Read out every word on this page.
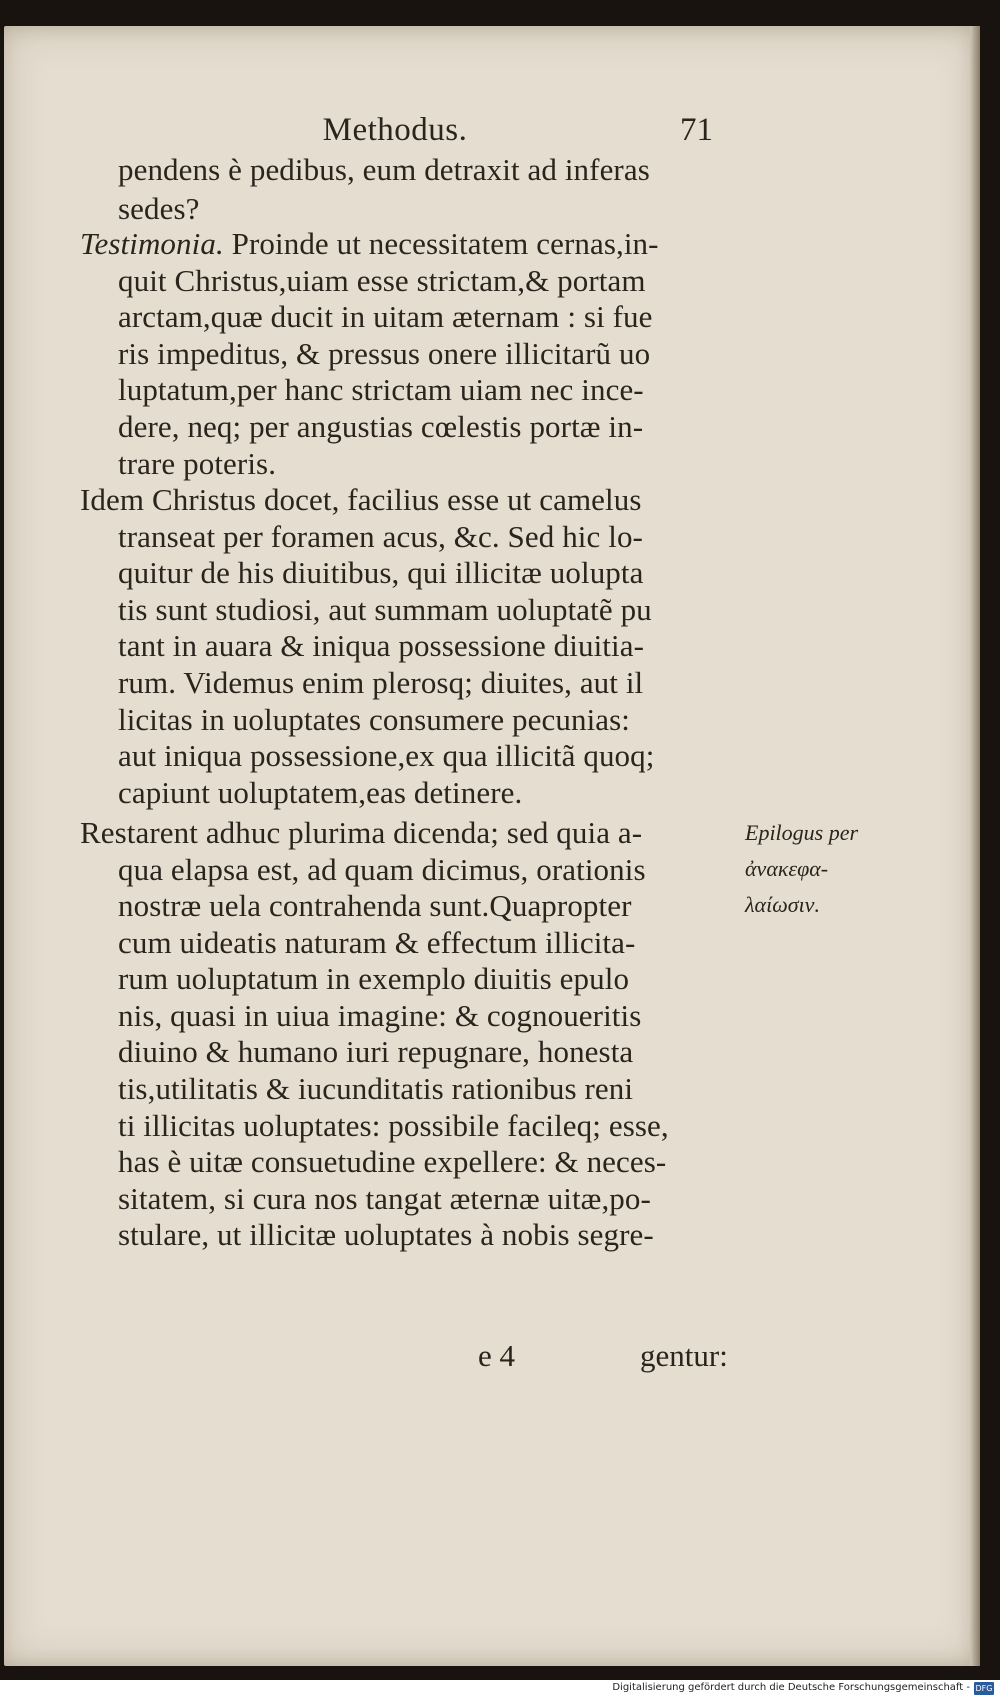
Methodus.	71
pendens è pedibus, eum detraxit ad inferas
sedes?
Testimonia. Proinde ut necessitatem cernas,in-
quit Christus,uiam esse strictam,& portam
arctam,quæ ducit in uitam æternam : si fue
ris impeditus, & pressus onere illicitarũ uo
luptatum,per hanc strictam uiam nec ince-
dere, neq; per angustias cœlestis portæ in-
trare poteris.
Idem Christus docet, facilius esse ut camelus
transeat per foramen acus, &c. Sed hic lo-
quitur de his diuitibus, qui illicitæ uolupta
tis sunt studiosi, aut summam uoluptatẽ pu
tant in auara & iniqua possessione diuitia-
rum. Videmus enim plerosq; diuites, aut il
licitas in uoluptates consumere pecunias:
aut iniqua possessione,ex qua illicitã quoq;
capiunt uoluptatem,eas detinere.
Restarent adhuc plurima dicenda; sed quia a-
qua elapsa est, ad quam dicimus, orationis
nostræ uela contrahenda sunt.Quapropter
cum uideatis naturam & effectum illicita-
rum uoluptatum in exemplo diuitis epulo
nis, quasi in uiua imagine: & cognoueritis
diuino & humano iuri repugnare, honesta
tis,utilitatis & iucunditatis rationibus reni
ti illicitas uoluptates: possibile facileq; esse,
has è uitæ consuetudine expellere: & neces-
sitatem, si cura nos tangat æternæ uitæ,po-
stulare, ut illicitæ uoluptates à nobis segre-
Epilogus per
ἀνακεφα-
λαίωσιν.
e 4	gentur:
Digitalisierung gefördert durch die Deutsche Forschungsgemeinschaft - DFG
